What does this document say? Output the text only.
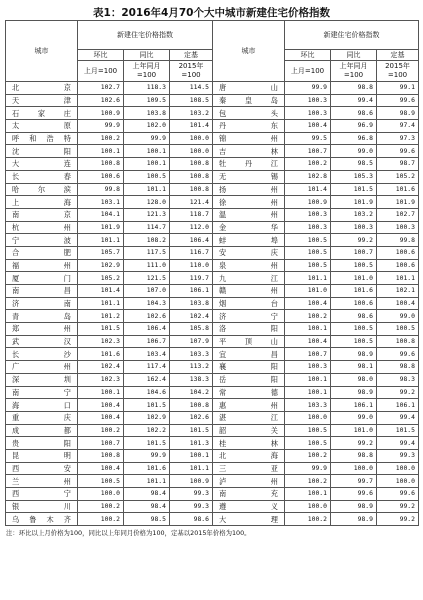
表1：2016年4月70个大中城市新建住宅价格指数
城市	新建住宅价格指数			城市	新建住宅价格指数		
	环比	同比	定基		环比	同比	定基
	上月=100	上年同月=100	2015年=100		上月=100	上年同月=100	2015年=100
北京	102.7	118.3	114.5	唐山	99.9	98.8	99.1
天津	102.6	109.5	108.5	秦皇岛	100.3	99.4	99.6
石家庄	100.9	103.8	103.2	包头	100.3	98.6	98.9
太原	99.9	102.0	101.4	丹东	100.4	96.9	97.4
呼和浩特	100.2	99.9	100.0	锦州	99.5	96.8	97.3
沈阳	100.1	100.1	100.0	吉林	100.7	99.0	99.6
大连	100.8	100.1	100.8	牡丹江	100.2	98.5	98.7
长春	100.6	100.5	100.8	无锡	102.8	105.3	105.2
哈尔滨	99.8	101.1	100.8	扬州	101.4	101.5	101.6
上海	103.1	128.0	121.4	徐州	100.9	101.9	101.9
南京	104.1	121.3	118.7	温州	100.3	103.2	102.7
杭州	101.9	114.7	112.0	金华	100.3	100.3	100.3
宁波	101.1	108.2	106.4	蚌埠	100.5	99.2	99.8
合肥	105.7	117.5	116.7	安庆	100.5	100.7	100.6
福州	102.9	111.0	110.0	泉州	100.5	100.5	100.6
厦门	105.2	121.5	119.7	九江	101.1	101.0	101.1
南昌	101.4	107.0	106.1	赣州	101.0	101.6	102.1
济南	101.1	104.3	103.8	烟台	100.4	100.6	100.4
青岛	101.2	102.6	102.4	济宁	100.2	98.6	99.0
郑州	101.5	106.4	105.8	洛阳	100.1	100.5	100.5
武汉	102.3	106.7	107.9	平顶山	100.4	100.5	100.8
长沙	101.6	103.4	103.3	宜昌	100.7	98.9	99.6
广州	102.4	117.4	113.2	襄阳	100.3	98.1	98.8
深圳	102.3	162.4	138.3	岳阳	100.1	98.0	98.3
南宁	100.1	104.6	104.2	常德	100.1	98.9	99.2
海口	100.4	101.5	100.8	惠州	103.3	106.1	106.1
重庆	100.4	102.9	102.6	湛江	100.0	99.0	99.4
成都	100.2	102.2	101.5	韶关	100.5	101.0	101.5
贵阳	100.7	101.5	101.3	桂林	100.5	99.2	99.4
昆明	100.8	99.9	100.1	北海	100.2	98.8	99.3
西安	100.4	101.6	101.1	三亚	99.9	100.0	100.0
兰州	100.5	101.1	100.9	泸州	100.2	99.7	100.0
西宁	100.0	98.4	99.3	南充	100.1	99.6	99.6
银川	100.2	98.4	99.3	遵义	100.0	98.9	99.2
乌鲁木齐	100.2	98.5	98.6	大理	100.2	98.9	99.2
注：环比以上月价格为100，同比以上年同月价格为100，定基以2015年价格为100。
